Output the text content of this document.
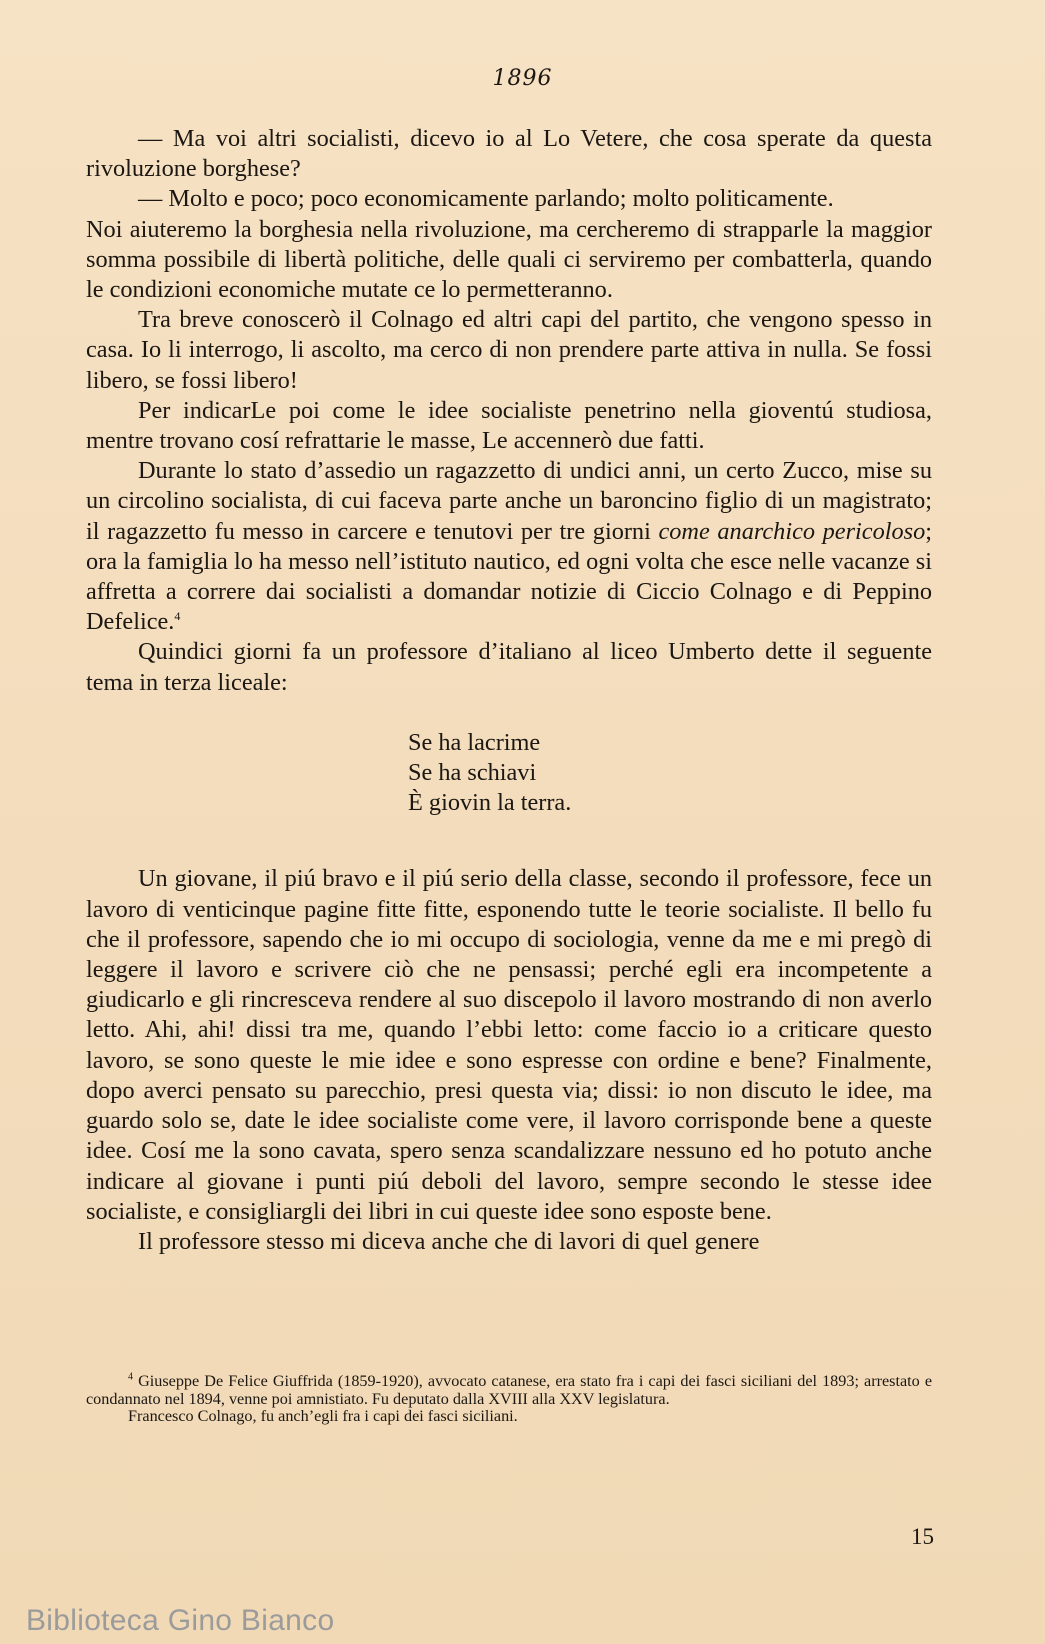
1896

— Ma voi altri socialisti, dicevo io al Lo Vetere, che cosa sperate da questa rivoluzione borghese?

— Molto e poco; poco economicamente parlando; molto politicamente.

Noi aiuteremo la borghesia nella rivoluzione, ma cercheremo di strapparle la maggior somma possibile di libertà politiche, delle quali ci serviremo per combatterla, quando le condizioni economiche mutate ce lo permetteranno.

Tra breve conoscerò il Colnago ed altri capi del partito, che vengono spesso in casa. Io li interrogo, li ascolto, ma cerco di non prendere parte attiva in nulla. Se fossi libero, se fossi libero!

Per indicarLe poi come le idee socialiste penetrino nella gioventú studiosa, mentre trovano cosí refrattarie le masse, Le accennerò due fatti.

Durante lo stato d’assedio un ragazzetto di undici anni, un certo Zucco, mise su un circolino socialista, di cui faceva parte anche un baroncino figlio di un magistrato; il ragazzetto fu messo in carcere e tenutovi per tre giorni come anarchico pericoloso; ora la famiglia lo ha messo nell’istituto nautico, ed ogni volta che esce nelle vacanze si affretta a correre dai socialisti a domandar notizie di Ciccio Colnago e di Peppino Defelice.$^4$

Quindici giorni fa un professore d’italiano al liceo Umberto dette il seguente tema in terza liceale:

Se ha lacrime
Se ha schiavi
È giovin la terra.

Un giovane, il piú bravo e il piú serio della classe, secondo il professore, fece un lavoro di venticinque pagine fitte fitte, esponendo tutte le teorie socialiste. Il bello fu che il professore, sapendo che io mi occupo di sociologia, venne da me e mi pregò di leggere il lavoro e scrivere ciò che ne pensassi; perché egli era incompetente a giudicarlo e gli rincresceva rendere al suo discepolo il lavoro mostrando di non averlo letto. Ahi, ahi! dissi tra me, quando l’ebbi letto: come faccio io a criticare questo lavoro, se sono queste le mie idee e sono espresse con ordine e bene? Finalmente, dopo averci pensato su parecchio, presi questa via; dissi: io non discuto le idee, ma guardo solo se, date le idee socialiste come vere, il lavoro corrisponde bene a queste idee. Cosí me la sono cavata, spero senza scandalizzare nessuno ed ho potuto anche indicare al giovane i punti piú deboli del lavoro, sempre secondo le stesse idee socialiste, e consigliargli dei libri in cui queste idee sono esposte bene.

Il professore stesso mi diceva anche che di lavori di quel genere

$^4$ Giuseppe De Felice Giuffrida (1859-1920), avvocato catanese, era stato fra i capi dei fasci siciliani del 1893; arrestato e condannato nel 1894, venne poi amnistiato. Fu deputato dalla XVIII alla XXV legislatura.

Francesco Colnago, fu anch’egli fra i capi dei fasci siciliani.

15
Biblioteca Gino Bianco
